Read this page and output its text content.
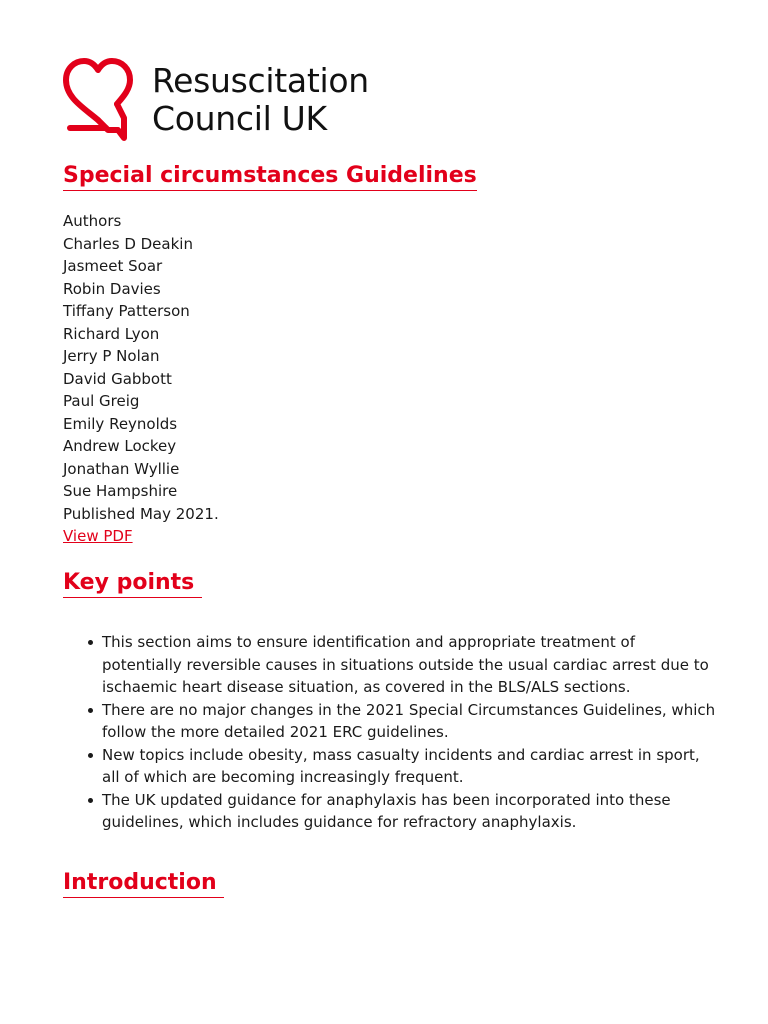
Resuscitation
Council UK
Special circumstances Guidelines
Authors
Charles D Deakin
Jasmeet Soar
Robin Davies
Tiffany Patterson
Richard Lyon
Jerry P Nolan
David Gabbott
Paul Greig
Emily Reynolds
Andrew Lockey
Jonathan Wyllie
Sue Hampshire
Published May 2021.
View PDF
Key points
This section aims to ensure identification and appropriate treatment of potentially reversible causes in situations outside the usual cardiac arrest due to ischaemic heart disease situation, as covered in the BLS/ALS sections.
There are no major changes in the 2021 Special Circumstances Guidelines, which follow the more detailed 2021 ERC guidelines.
New topics include obesity, mass casualty incidents and cardiac arrest in sport, all of which are becoming increasingly frequent.
The UK updated guidance for anaphylaxis has been incorporated into these guidelines, which includes guidance for refractory anaphylaxis.
Introduction
